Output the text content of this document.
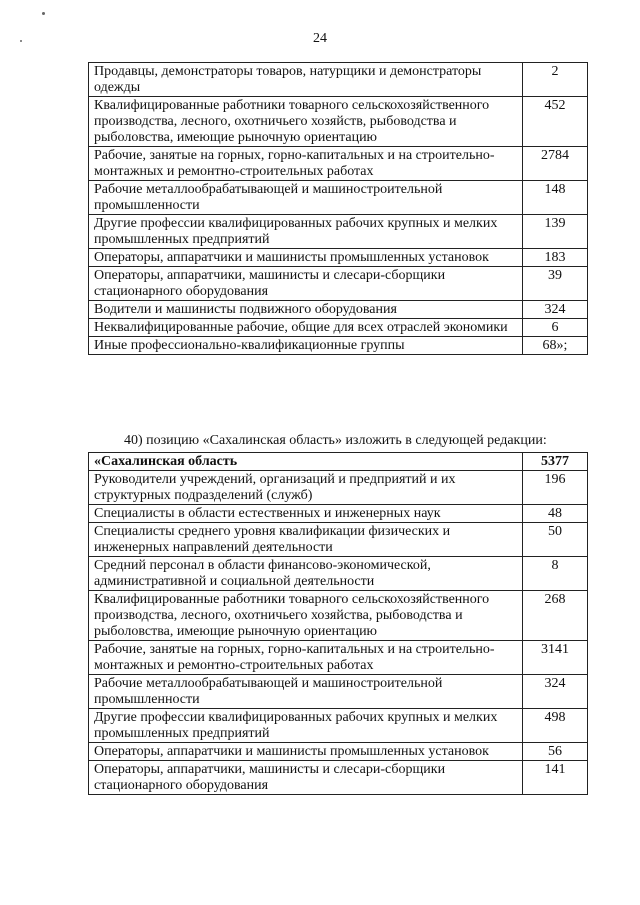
24
Продавцы, демонстраторы товаров, натурщики и демонстраторы одежды	2
Квалифицированные работники товарного сельскохозяйственного производства, лесного, охотничьего хозяйств, рыбоводства и рыболовства, имеющие рыночную ориентацию	452
Рабочие, занятые на горных, горно-капитальных и на строительно-монтажных и ремонтно-строительных работах	2784
Рабочие металлообрабатывающей и машиностроительной промышленности	148
Другие профессии квалифицированных рабочих крупных и мелких промышленных предприятий	139
Операторы, аппаратчики и машинисты промышленных установок	183
Операторы, аппаратчики, машинисты и слесари-сборщики стационарного оборудования	39
Водители и машинисты подвижного оборудования	324
Неквалифицированные рабочие, общие для всех отраслей экономики	6
Иные профессионально-квалификационные группы	68»;
40) позицию «Сахалинская область» изложить в следующей редакции:
«Сахалинская область	5377
Руководители учреждений, организаций и предприятий и их структурных подразделений (служб)	196
Специалисты в области естественных и инженерных наук	48
Специалисты среднего уровня квалификации физических и инженерных направлений деятельности	50
Средний персонал в области финансово-экономической, административной и социальной деятельности	8
Квалифицированные работники товарного сельскохозяйственного производства, лесного, охотничьего хозяйства, рыбоводства и рыболовства, имеющие рыночную ориентацию	268
Рабочие, занятые на горных, горно-капитальных и на строительно-монтажных и ремонтно-строительных работах	3141
Рабочие металлообрабатывающей и машиностроительной промышленности	324
Другие профессии квалифицированных рабочих крупных и мелких промышленных предприятий	498
Операторы, аппаратчики и машинисты промышленных установок	56
Операторы, аппаратчики, машинисты и слесари-сборщики стационарного оборудования	141
